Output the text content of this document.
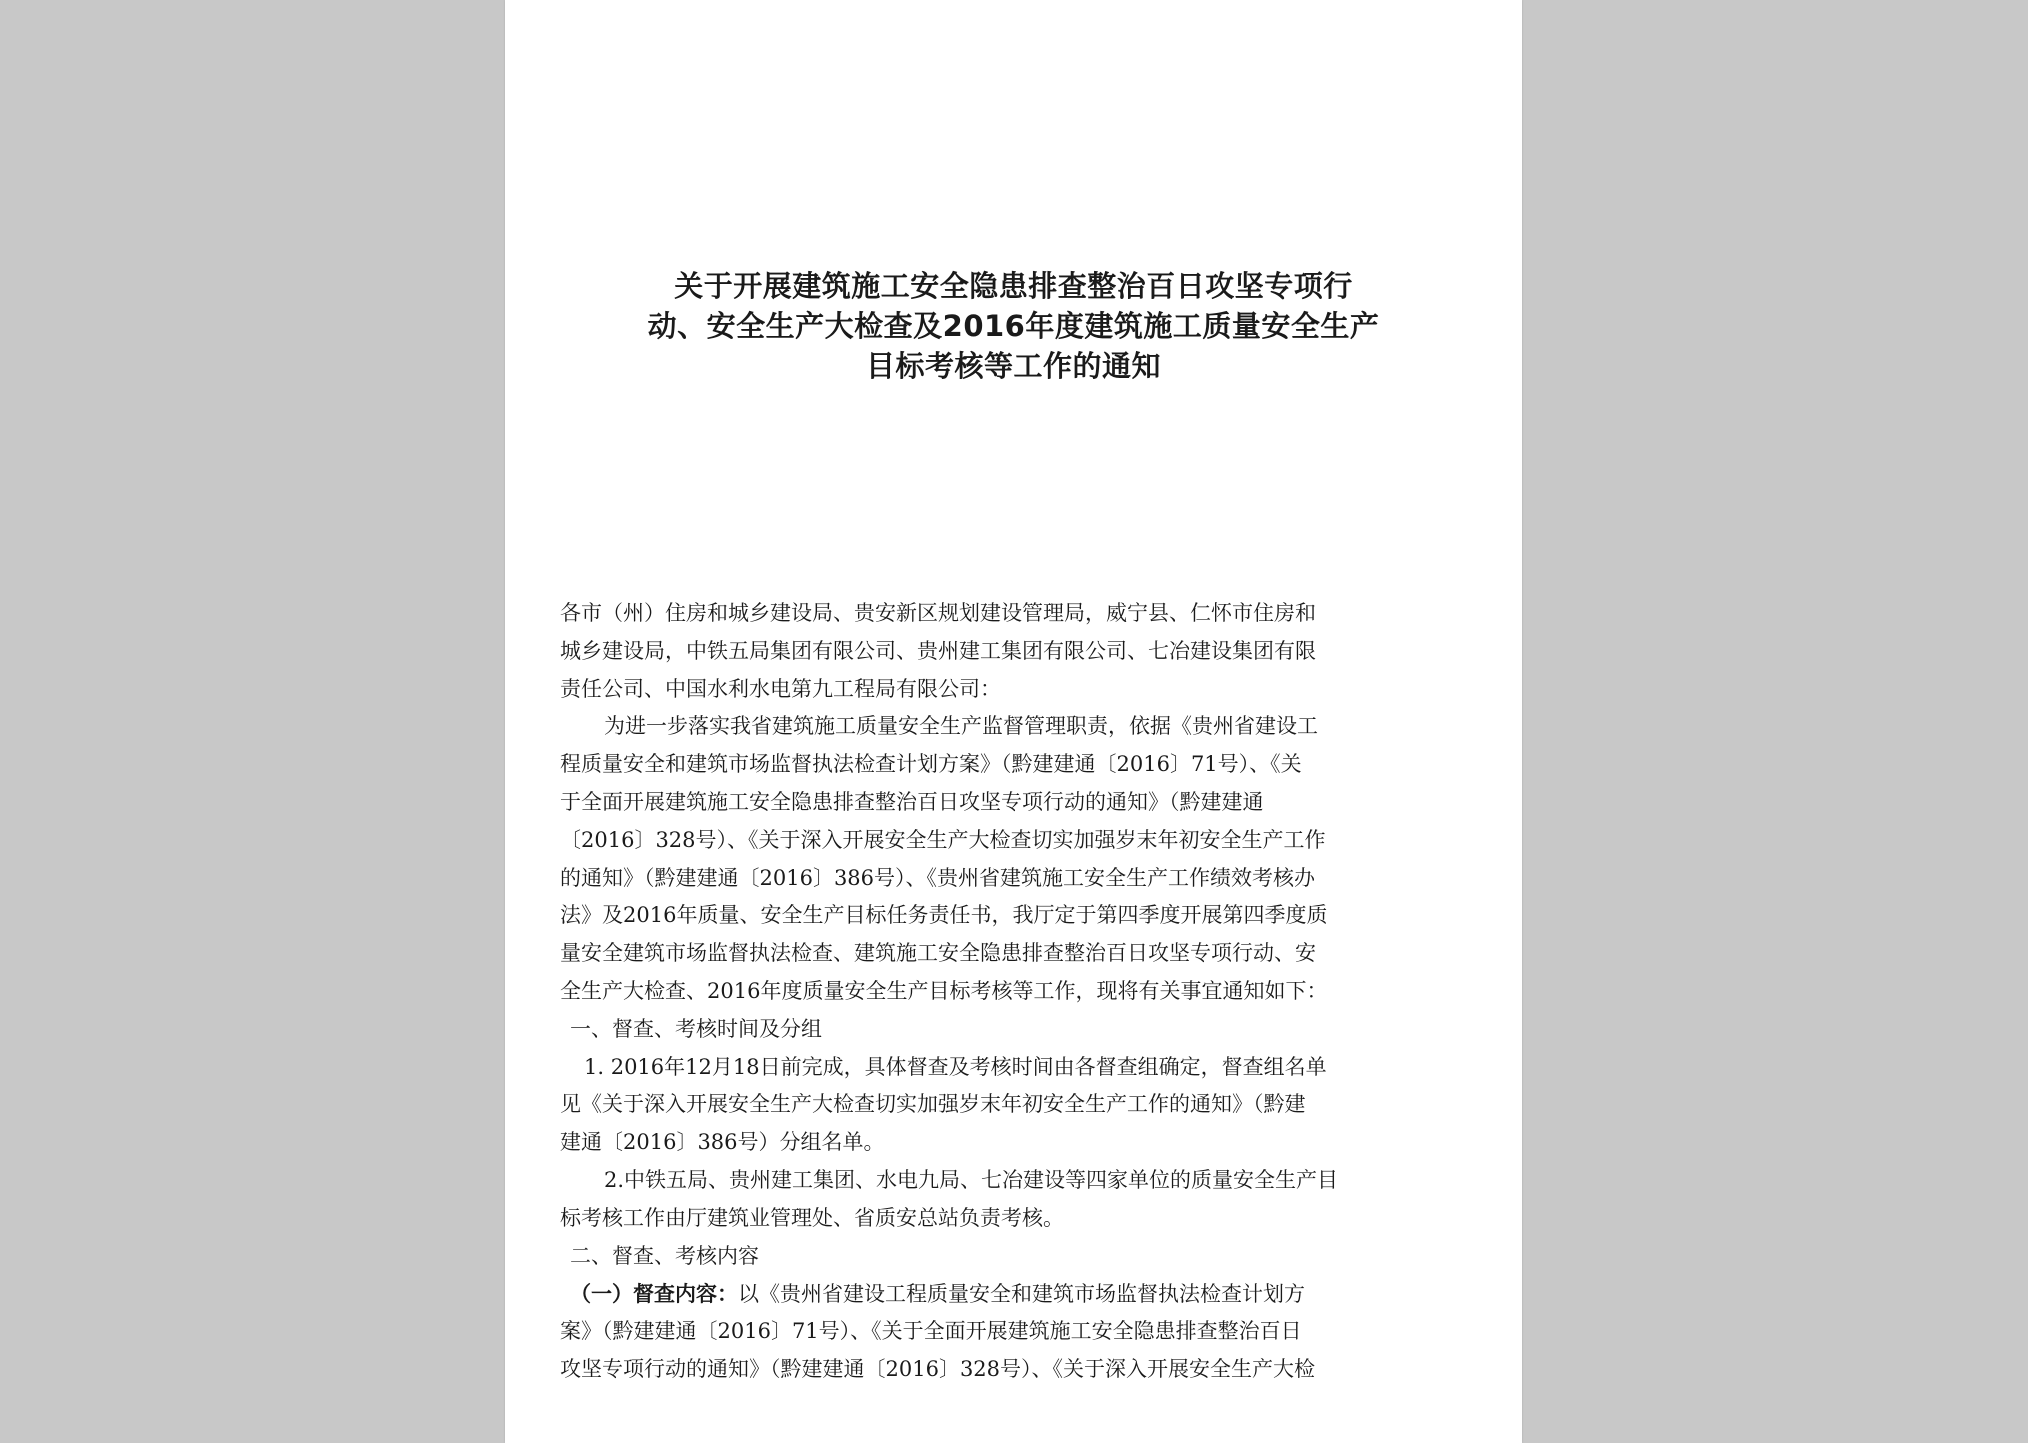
关于开展建筑施工安全隐患排查整治百日攻坚专项行
动、安全生产大检查及2016年度建筑施工质量安全生产
目标考核等工作的通知
各市（州）住房和城乡建设局、贵安新区规划建设管理局，威宁县、仁怀市住房和
城乡建设局，中铁五局集团有限公司、贵州建工集团有限公司、七冶建设集团有限
责任公司、中国水利水电第九工程局有限公司：
为进一步落实我省建筑施工质量安全生产监督管理职责，依据《贵州省建设工
程质量安全和建筑市场监督执法检查计划方案》（黔建建通〔2016〕71号）、《关
于全面开展建筑施工安全隐患排查整治百日攻坚专项行动的通知》（黔建建通
〔2016〕328号）、《关于深入开展安全生产大检查切实加强岁末年初安全生产工作
的通知》（黔建建通〔2016〕386号）、《贵州省建筑施工安全生产工作绩效考核办
法》及2016年质量、安全生产目标任务责任书，我厅定于第四季度开展第四季度质
量安全建筑市场监督执法检查、建筑施工安全隐患排查整治百日攻坚专项行动、安
全生产大检查、2016年度质量安全生产目标考核等工作，现将有关事宜通知如下：
一、督查、考核时间及分组
1. 2016年12月18日前完成，具体督查及考核时间由各督查组确定，督查组名单
见《关于深入开展安全生产大检查切实加强岁末年初安全生产工作的通知》（黔建
建通〔2016〕386号）分组名单。
2.中铁五局、贵州建工集团、水电九局、七冶建设等四家单位的质量安全生产目
标考核工作由厅建筑业管理处、省质安总站负责考核。
二、督查、考核内容
（一）督查内容：以《贵州省建设工程质量安全和建筑市场监督执法检查计划方
案》（黔建建通〔2016〕71号）、《关于全面开展建筑施工安全隐患排查整治百日
攻坚专项行动的通知》（黔建建通〔2016〕328号）、《关于深入开展安全生产大检
